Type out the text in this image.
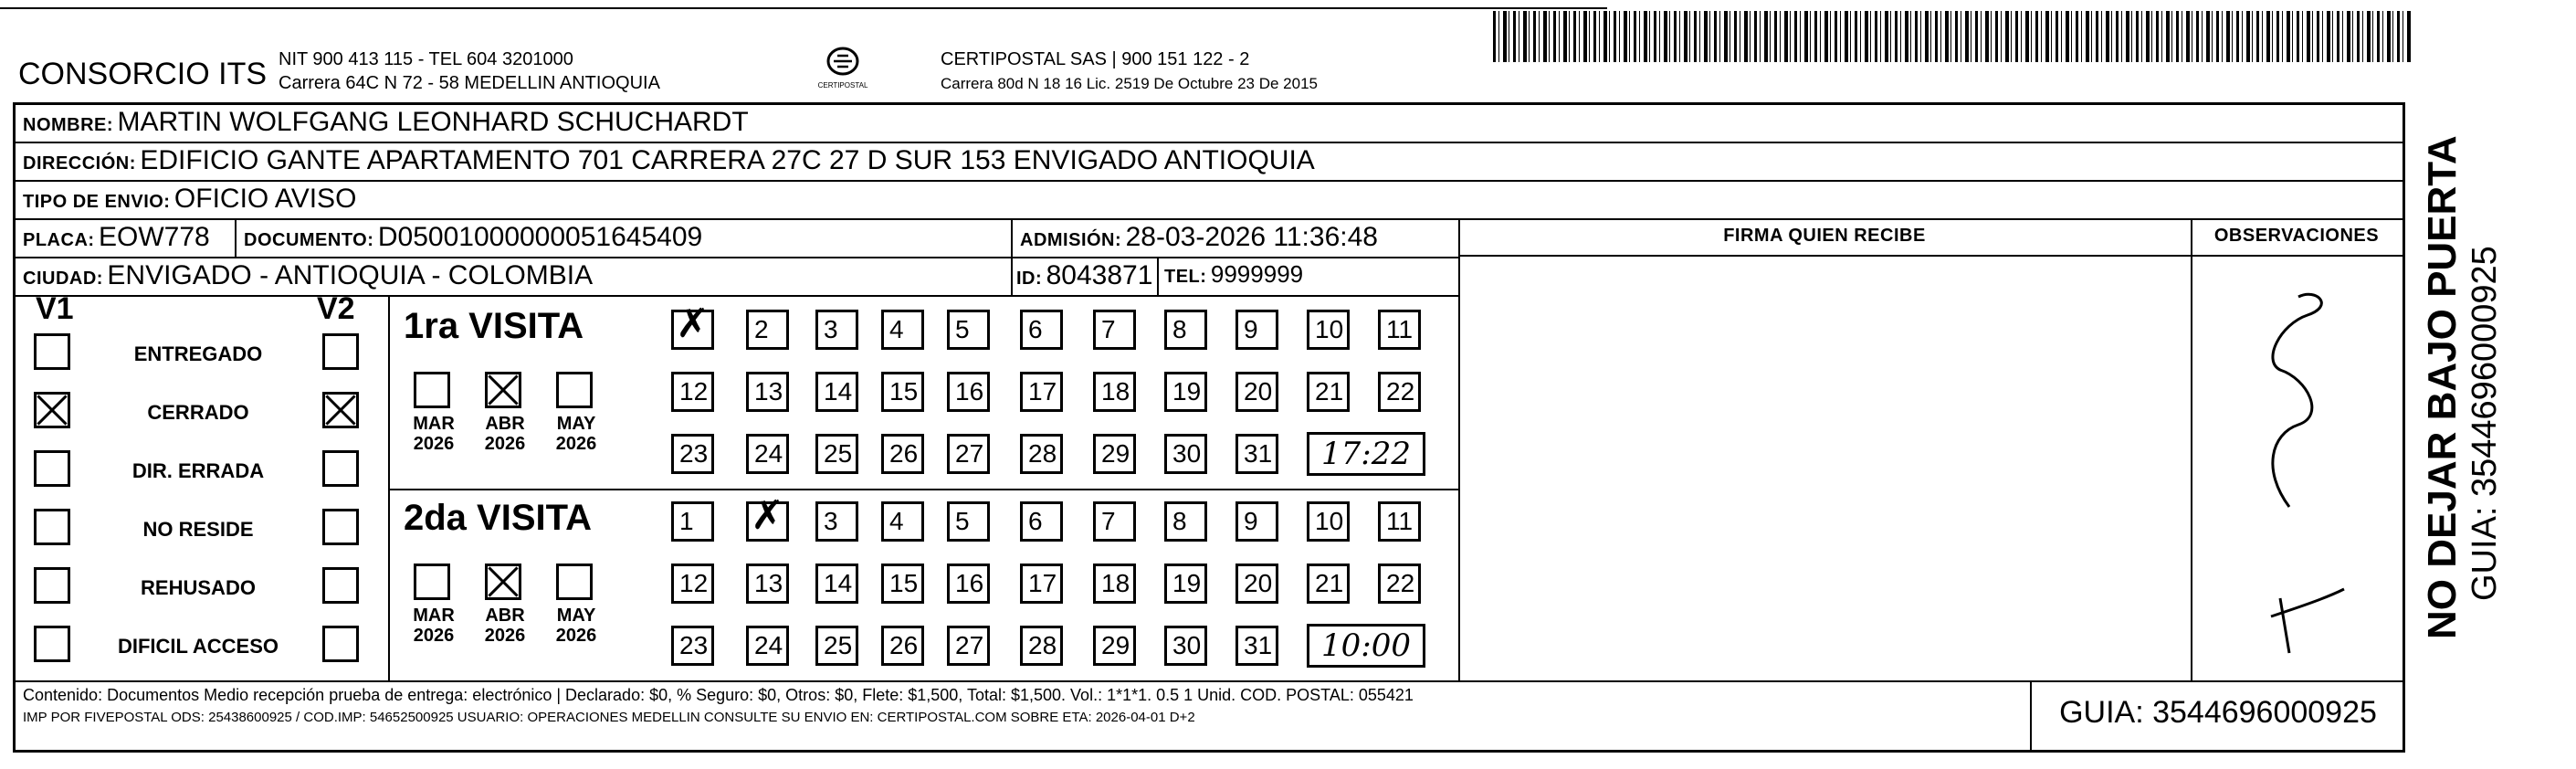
CONSORCIO ITS NIT 900 413 115 - TEL 604 3201000
Carrera 64C N 72 - 58 MEDELLIN ANTIOQUIA	CERTIPOSTAL
CERTIPOSTAL SAS | 900 151 122 - 2
Carrera 80d N 18 16 Lic. 2519 De Octubre 23 De 2015
NOMBRE: MARTIN WOLFGANG LEONHARD SCHUCHARDT
DIRECCIÓN: EDIFICIO GANTE APARTAMENTO 701 CARRERA 27C 27 D SUR 153 ENVIGADO ANTIOQUIA
TIPO DE ENVIO: OFICIO AVISO
FIRMA QUIEN RECIBE	OBSERVACIONES
PLACA: EOW778 DOCUMENTO: D05001000000051645409	ADMISIÓN: 28-03-2026 11:36:48
CIUDAD: ENVIGADO - ANTIOQUIA - COLOMBIA	ID: 8043871 TEL: 9999999
V1	V2
Contenido: Documentos Medio recepción prueba de entrega: electrónico | Declarado: $0, % Seguro: $0, Otros: $0, Flete: $1,500, Total: $1,500. Vol.: 1*1*1. 0.5 1 Unid. COD. POSTAL: 055421
IMP POR FIVEPOSTAL ODS: 25438600925 / COD.IMP: 54652500925 USUARIO: OPERACIONES MEDELLIN CONSULTE SU ENVIO EN: CERTIPOSTAL.COM SOBRE ETA: 2026-04-01 D+2	GUIA: 3544696000925
ENTREGADO
CERRADO
DIR. ERRADA
NO RESIDE
REHUSADO
DIFICIL ACCESO
1ra VISITA
MAR
2026
ABR
2026
MAY
2026
✗
2	3	4	5	6	7	8	9	10	11
12	13	14	15	16	17	18	19	20	21	22
23	24	25	26	27	28	29	30	31	17:22
2da VISITA
MAR
2026
ABR
2026
MAY
2026
1
✗	3	4	5	6	7	8	9	10	11
12	13	14	15	16	17	18	19	20	21	22
23	24	25	26	27	28	29	30	31	10:00
NO DEJAR BAJO PUERTA GUIA: 3544696000925
